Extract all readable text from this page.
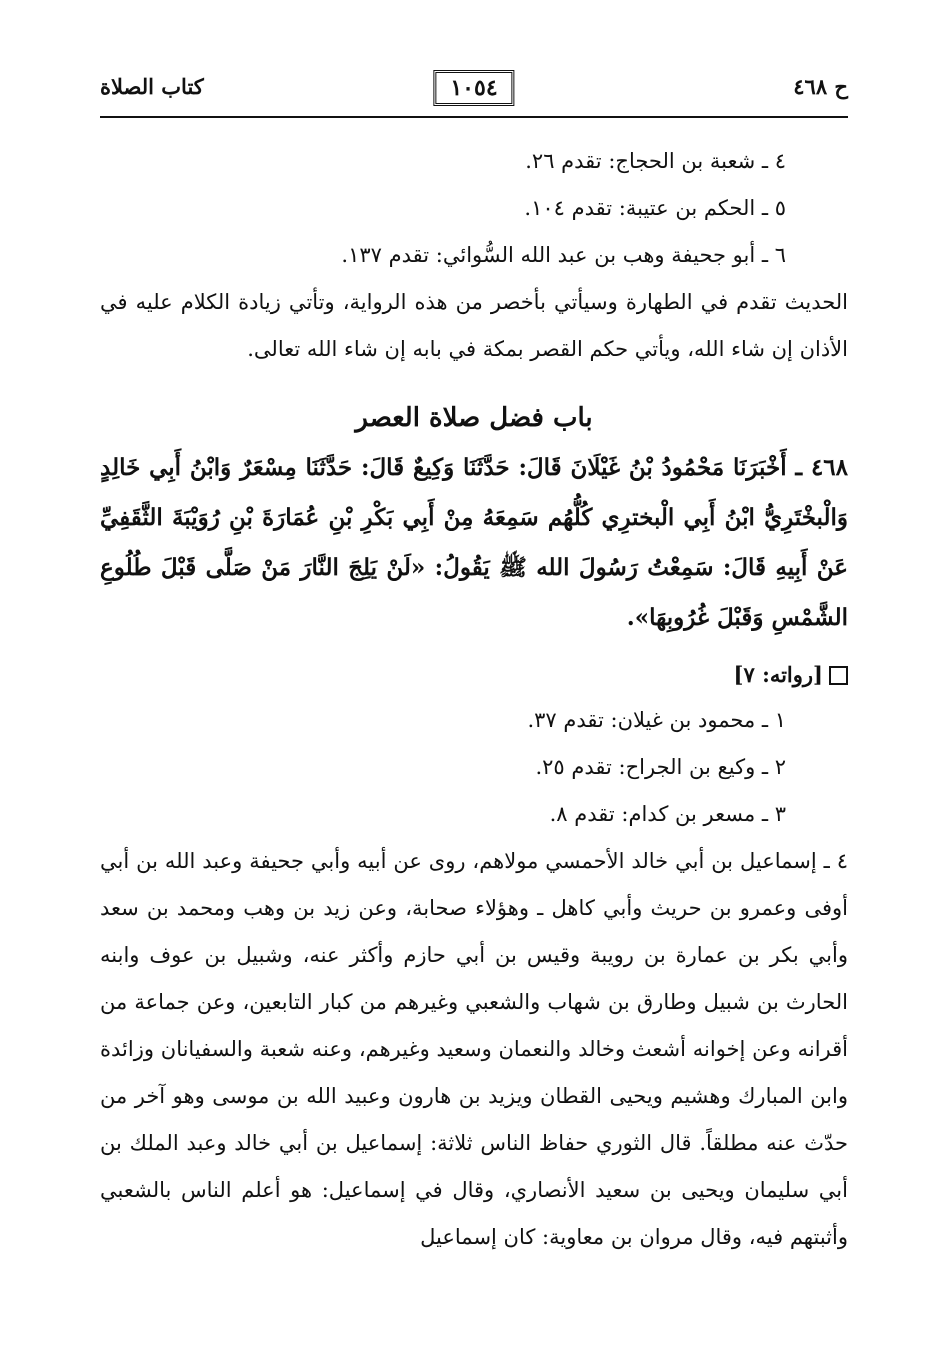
ح ٤٦٨
١٠٥٤
كتاب الصلاة
٤ ـ شعبة بن الحجاج: تقدم ٢٦.
٥ ـ الحكم بن عتيبة: تقدم ١٠٤.
٦ ـ أبو جحيفة وهب بن عبد الله السُّوائي: تقدم ١٣٧.

الحديث تقدم في الطهارة وسيأتي بأخصر من هذه الرواية، وتأتي زيادة الكلام عليه في الأذان إن شاء الله، ويأتي حكم القصر بمكة في بابه إن شاء الله تعالى.

باب فضل صلاة العصر

٤٦٨ ـ أَخْبَرَنَا مَحْمُودُ بْنُ غَيْلَانَ قَالَ: حَدَّثَنَا وَكِيعٌ قَالَ: حَدَّثَنَا مِسْعَرٌ وَابْنُ أَبِي خَالِدٍ وَالْبخْتَرِيُّ ابْنُ أَبِي الْبخترِي كُلُّهُم سَمِعَهُ مِنْ أَبِي بَكْرِ بْنِ عُمَارَةَ بْنِ رُوَيْبَةَ الثَّقَفِيِّ عَنْ أَبِيهِ قَالَ: سَمِعْتُ رَسُولَ الله ﷺ يَقُولُ: «لَنْ يَلِجَ النَّارَ مَنْ صَلَّى قَبْلَ طُلُوعِ الشَّمْسِ وَقَبْلَ غُرُوبِهَا».

[رواته: ٧]
١ ـ محمود بن غيلان: تقدم ٣٧.
٢ ـ وكيع بن الجراح: تقدم ٢٥.
٣ ـ مسعر بن كدام: تقدم ٨.

٤ ـ إسماعيل بن أبي خالد الأحمسي مولاهم، روى عن أبيه وأبي جحيفة وعبد الله بن أبي أوفى وعمرو بن حريث وأبي كاهل ـ وهؤلاء صحابة، وعن زيد بن وهب ومحمد بن سعد وأبي بكر بن عمارة بن رويبة وقيس بن أبي حازم وأكثر عنه، وشبيل بن عوف وابنه الحارث بن شبيل وطارق بن شهاب والشعبي وغيرهم من كبار التابعين، وعن جماعة من أقرانه وعن إخوانه أشعث وخالد والنعمان وسعيد وغيرهم، وعنه شعبة والسفيانان وزائدة وابن المبارك وهشيم ويحيى القطان ويزيد بن هارون وعبيد الله بن موسى وهو آخر من حدّث عنه مطلقاً. قال الثوري حفاظ الناس ثلاثة: إسماعيل بن أبي خالد وعبد الملك بن أبي سليمان ويحيى بن سعيد الأنصاري، وقال في إسماعيل: هو أعلم الناس بالشعبي وأثبتهم فيه، وقال مروان بن معاوية: كان إسماعيل
